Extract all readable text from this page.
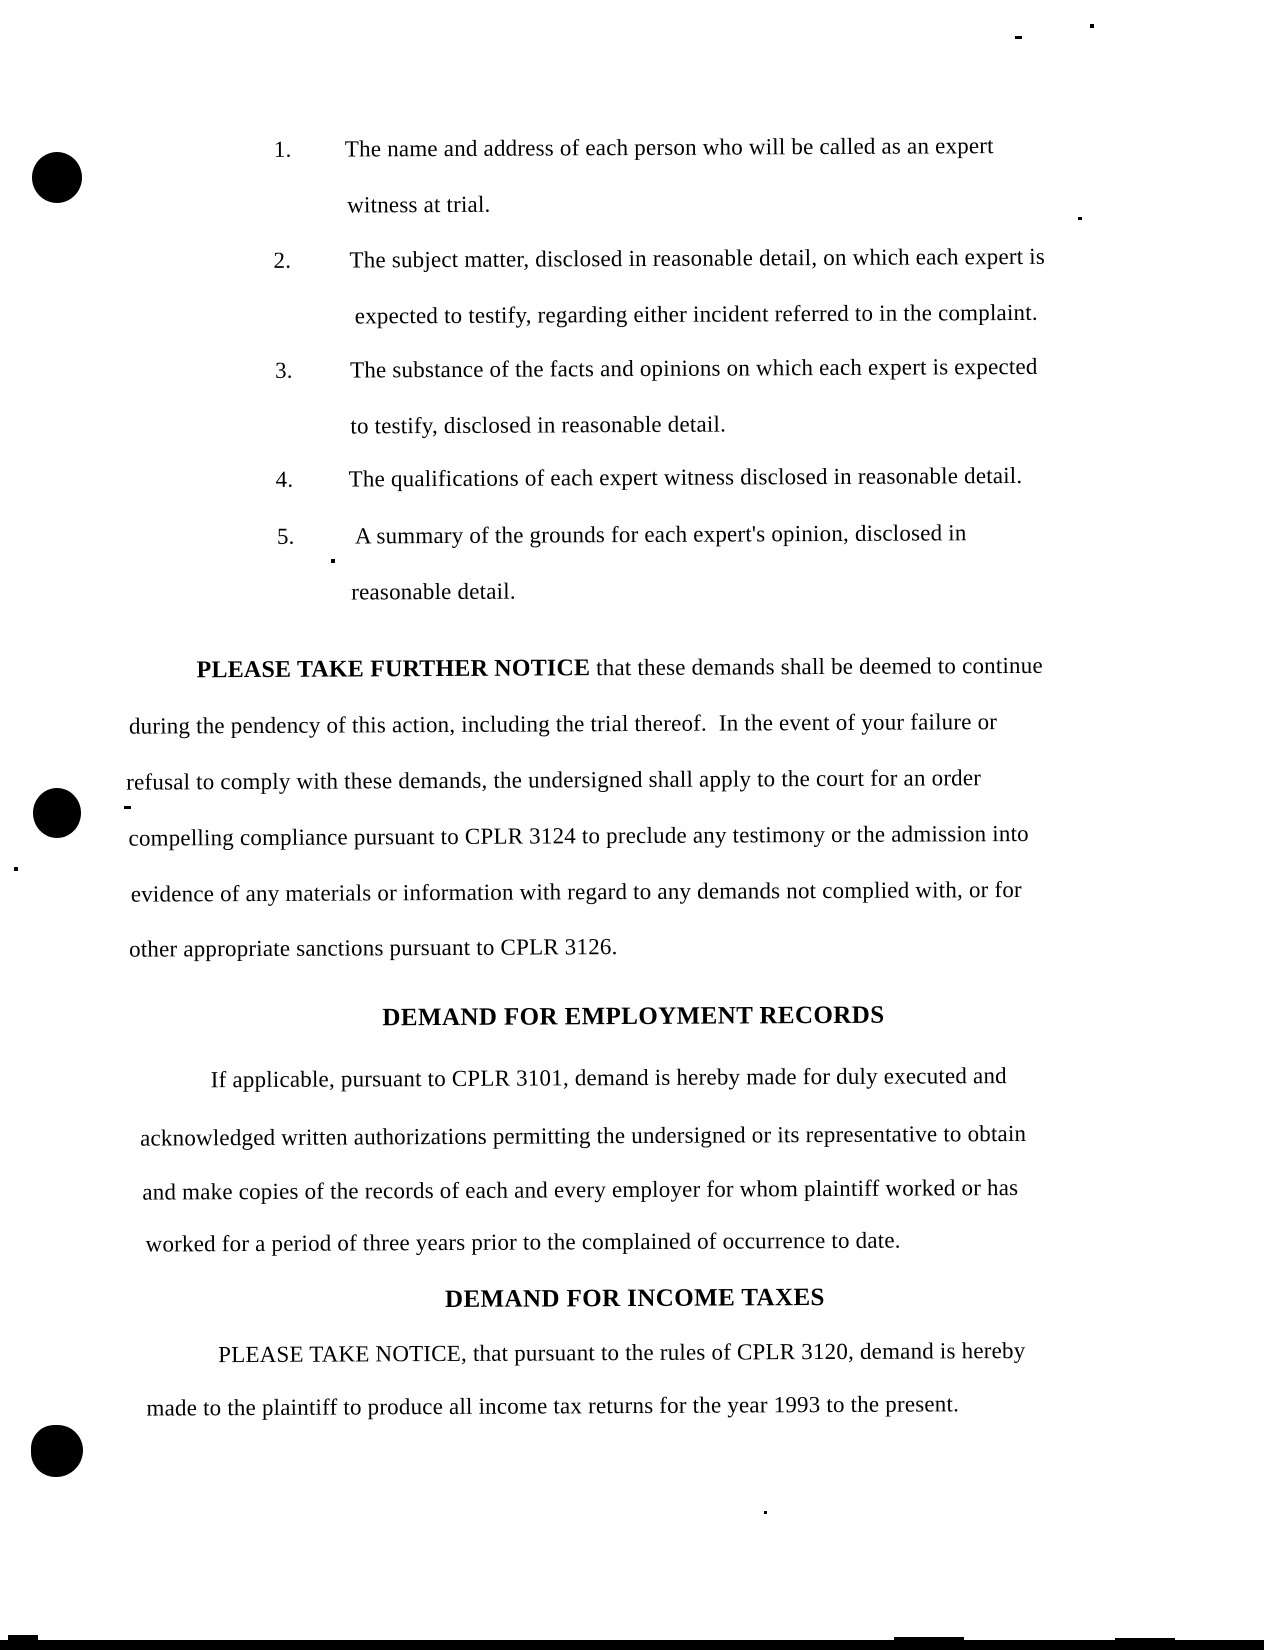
1. The name and address of each person who will be called as an expert
witness at trial.
2.	The subject matter, disclosed in reasonable detail, on which each expert is
expected to testify, regarding either incident referred to in the complaint.
3. The substance of the facts and opinions on which each expert is expected
to testify, disclosed in reasonable detail.
4. The qualifications of each expert witness disclosed in reasonable detail.
5.	A summary of the grounds for each expert's opinion, disclosed in
reasonable detail.
PLEASE TAKE FURTHER NOTICE that these demands shall be deemed to continue
during the pendency of this action, including the trial thereof.  In the event of your failure or
refusal to comply with these demands, the undersigned shall apply to the court for an order
compelling compliance pursuant to CPLR 3124 to preclude any testimony or the admission into
evidence of any materials or information with regard to any demands not complied with, or for
other appropriate sanctions pursuant to CPLR 3126.
DEMAND FOR EMPLOYMENT RECORDS
If applicable, pursuant to CPLR 3101, demand is hereby made for duly executed and
acknowledged written authorizations permitting the undersigned or its representative to obtain
and make copies of the records of each and every employer for whom plaintiff worked or has
worked for a period of three years prior to the complained of occurrence to date.
DEMAND FOR INCOME TAXES
PLEASE TAKE NOTICE, that pursuant to the rules of CPLR 3120, demand is hereby
made to the plaintiff to produce all income tax returns for the year 1993 to the present.
